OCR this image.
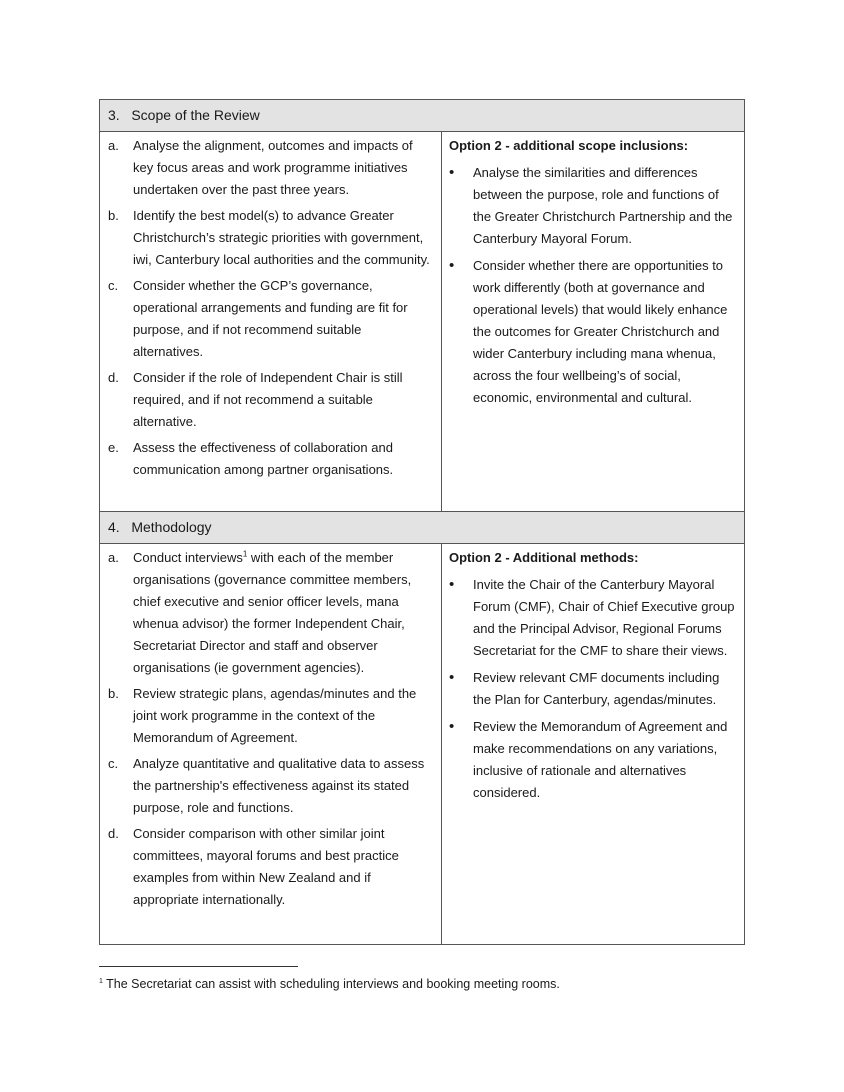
3.   Scope of the Review
a.	Analyse the alignment, outcomes and impacts of key focus areas and work programme initiatives undertaken over the past three years.
b.	Identify the best model(s) to advance Greater Christchurch’s strategic priorities with government, iwi, Canterbury local authorities and the community.
c.	Consider whether the GCP’s governance, operational arrangements and funding are fit for purpose, and if not recommend suitable alternatives.
d.	Consider if the role of Independent Chair is still required, and if not recommend a suitable alternative.
e.	Assess the effectiveness of collaboration and communication among partner organisations.
Option 2 - additional scope inclusions:
•	Analyse the similarities and differences between the purpose, role and functions of the Greater Christchurch Partnership and the Canterbury Mayoral Forum.
•	Consider whether there are opportunities to work differently (both at governance and operational levels) that would likely enhance the outcomes for Greater Christchurch and wider Canterbury including mana whenua, across the four wellbeing’s of social, economic, environmental and cultural.
4.   Methodology
a.	Conduct interviews$^1$ with each of the member organisations (governance committee members, chief executive and senior officer levels, mana whenua advisor) the former Independent Chair, Secretariat Director and staff and observer organisations (ie government agencies).
b.	Review strategic plans, agendas/minutes and the joint work programme in the context of the Memorandum of Agreement.
c.	Analyze quantitative and qualitative data to assess the partnership's effectiveness against its stated purpose, role and functions.
d.	Consider comparison with other similar joint committees, mayoral forums and best practice examples from within New Zealand and if appropriate internationally.
Option 2 - Additional methods:
•	Invite the Chair of the Canterbury Mayoral Forum (CMF), Chair of Chief Executive group and the Principal Advisor, Regional Forums Secretariat for the CMF to share their views.
•	Review relevant CMF documents including the Plan for Canterbury, agendas/minutes.
•	Review the Memorandum of Agreement and make recommendations on any variations, inclusive of rationale and alternatives considered.
$^1$ The Secretariat can assist with scheduling interviews and booking meeting rooms.
